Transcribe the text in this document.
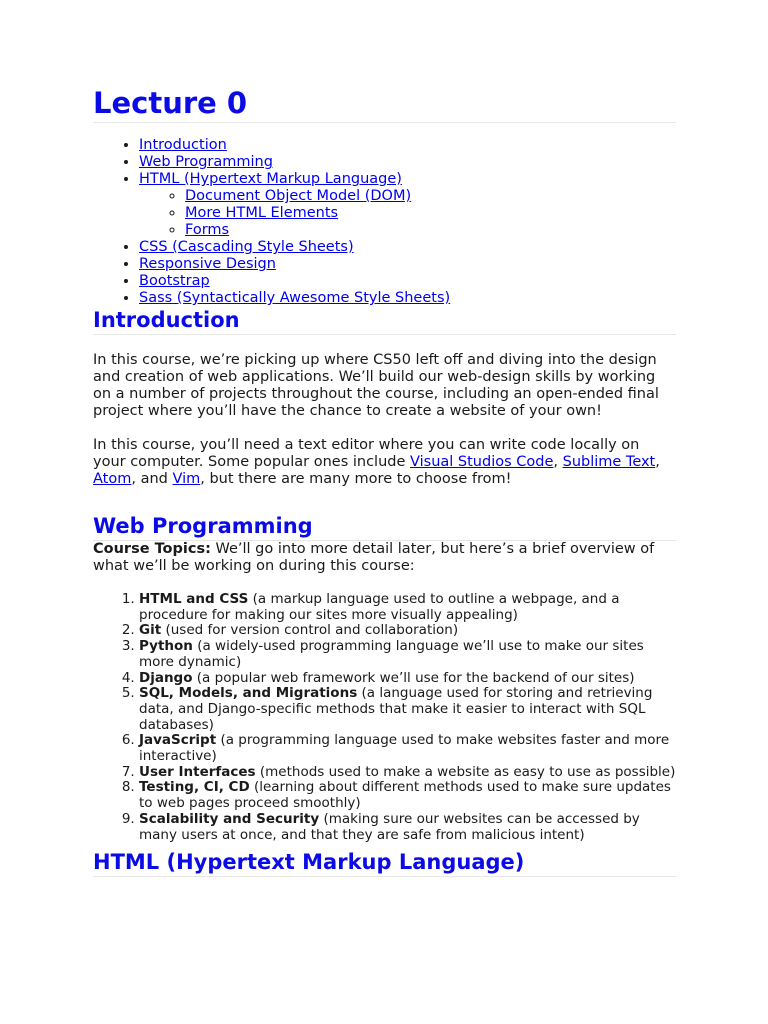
Lecture 0
• Introduction
• Web Programming
• HTML (Hypertext Markup Language)
◦ Document Object Model (DOM)
◦ More HTML Elements
◦ Forms
• CSS (Cascading Style Sheets)
• Responsive Design
• Bootstrap
• Sass (Syntactically Awesome Style Sheets)
Introduction

In this course, we’re picking up where CS50 left off and diving into the design and creation of web applications. We’ll build our web-design skills by working on a number of projects throughout the course, including an open-ended final project where you’ll have the chance to create a website of your own!

In this course, you’ll need a text editor where you can write code locally on your computer. Some popular ones include Visual Studios Code, Sublime Text, Atom, and Vim, but there are many more to choose from!

Web Programming

Course Topics: We’ll go into more detail later, but here’s a brief overview of what we’ll be working on during this course:

1. HTML and CSS (a markup language used to outline a webpage, and a procedure for making our sites more visually appealing)
2. Git (used for version control and collaboration)
3. Python (a widely-used programming language we’ll use to make our sites more dynamic)
4. Django (a popular web framework we’ll use for the backend of our sites)
5. SQL, Models, and Migrations (a language used for storing and retrieving data, and Django-specific methods that make it easier to interact with SQL databases)
6. JavaScript (a programming language used to make websites faster and more interactive)
7. User Interfaces (methods used to make a website as easy to use as possible)
8. Testing, CI, CD (learning about different methods used to make sure updates to web pages proceed smoothly)
9. Scalability and Security (making sure our websites can be accessed by many users at once, and that they are safe from malicious intent)
HTML (Hypertext Markup Language)
